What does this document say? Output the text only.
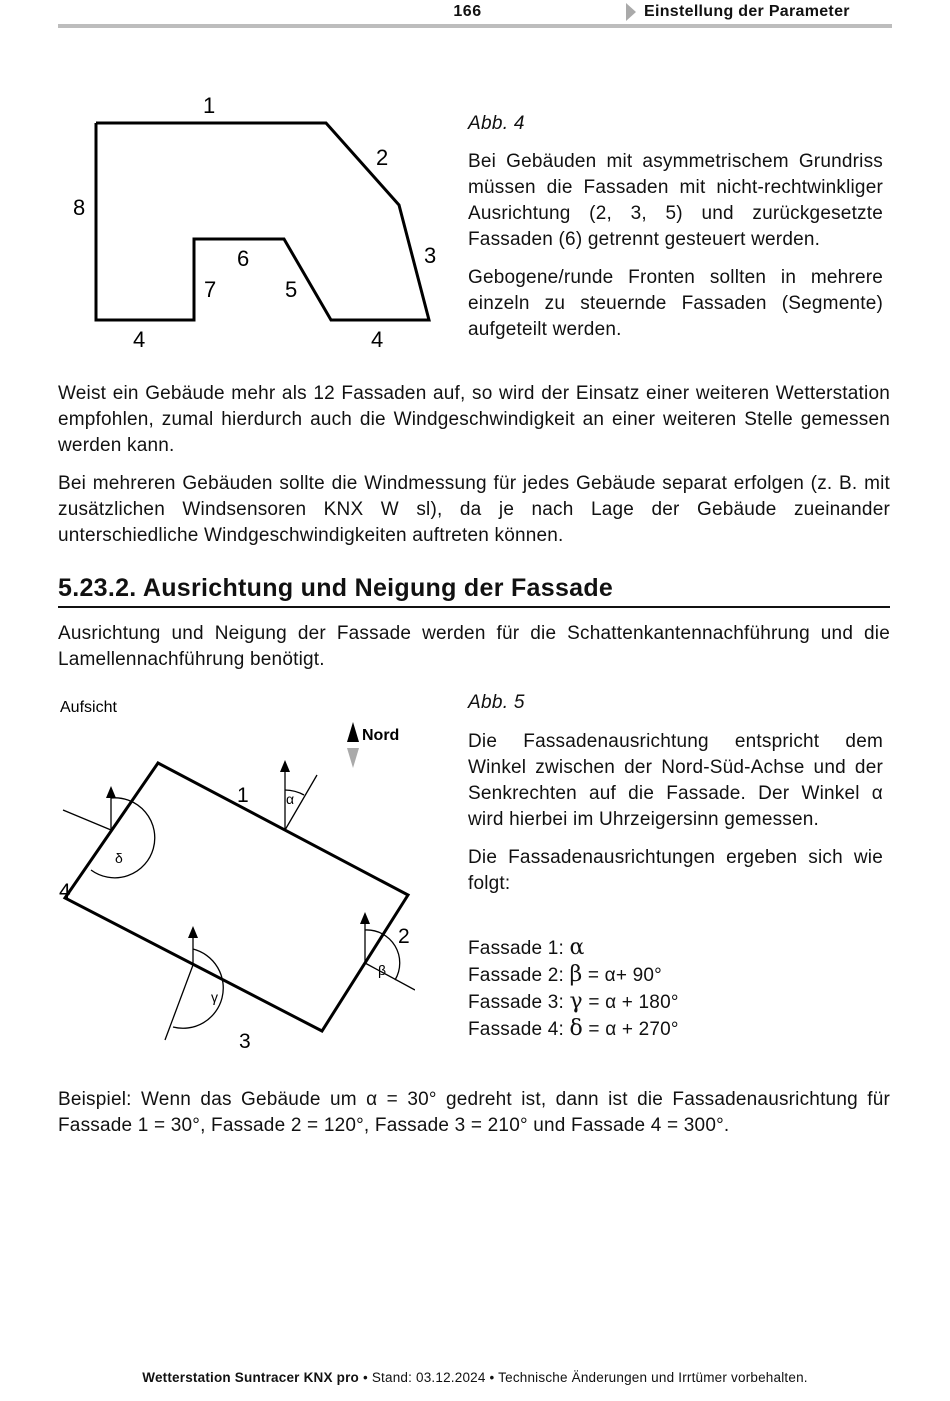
166	Einstellung der Parameter
1
2
3
4	4
5
6
7
8
Abb. 4

Bei Gebäuden mit asymmetrischem Grundriss müssen die Fassaden mit nicht-rechtwinkliger Ausrichtung (2, 3, 5) und zurückgesetzte Fassaden (6) getrennt gesteuert werden.

Gebogene/runde Fronten sollten in mehrere einzeln zu steuernde Fassaden (Segmente) aufgeteilt werden.

Weist ein Gebäude mehr als 12 Fassaden auf, so wird der Einsatz einer weiteren Wetterstation empfohlen, zumal hierdurch auch die Windgeschwindigkeit an einer weiteren Stelle gemessen werden kann.

Bei mehreren Gebäuden sollte die Windmessung für jedes Gebäude separat erfolgen (z. B. mit zusätzlichen Windsensoren KNX W sl), da je nach Lage der Gebäude zueinander unterschiedliche Windgeschwindigkeiten auftreten können.

5.23.2. Ausrichtung und Neigung der Fassade

Ausrichtung und Neigung der Fassade werden für die Schattenkantennachführung und die Lamellennachführung benötigt.

Aufsicht
Nord
1
2
3
4
α
β
γ
δ
Abb. 5

Die Fassadenausrichtung entspricht dem Winkel zwischen der Nord-Süd-Achse und der Senkrechten auf die Fassade. Der Winkel α wird hierbei im Uhrzeigersinn gemessen.

Die Fassadenausrichtungen ergeben sich wie folgt:

Fassade 1: α
Fassade 2: β = α+ 90°
Fassade 3: γ = α + 180°
Fassade 4: δ = α + 270°

Beispiel: Wenn das Gebäude um α = 30° gedreht ist, dann ist die Fassadenausrichtung für Fassade 1 = 30°, Fassade 2 = 120°, Fassade 3 = 210° und Fassade 4 = 300°.

Wetterstation Suntracer KNX pro • Stand: 03.12.2024 • Technische Änderungen und Irrtümer vorbehalten.
